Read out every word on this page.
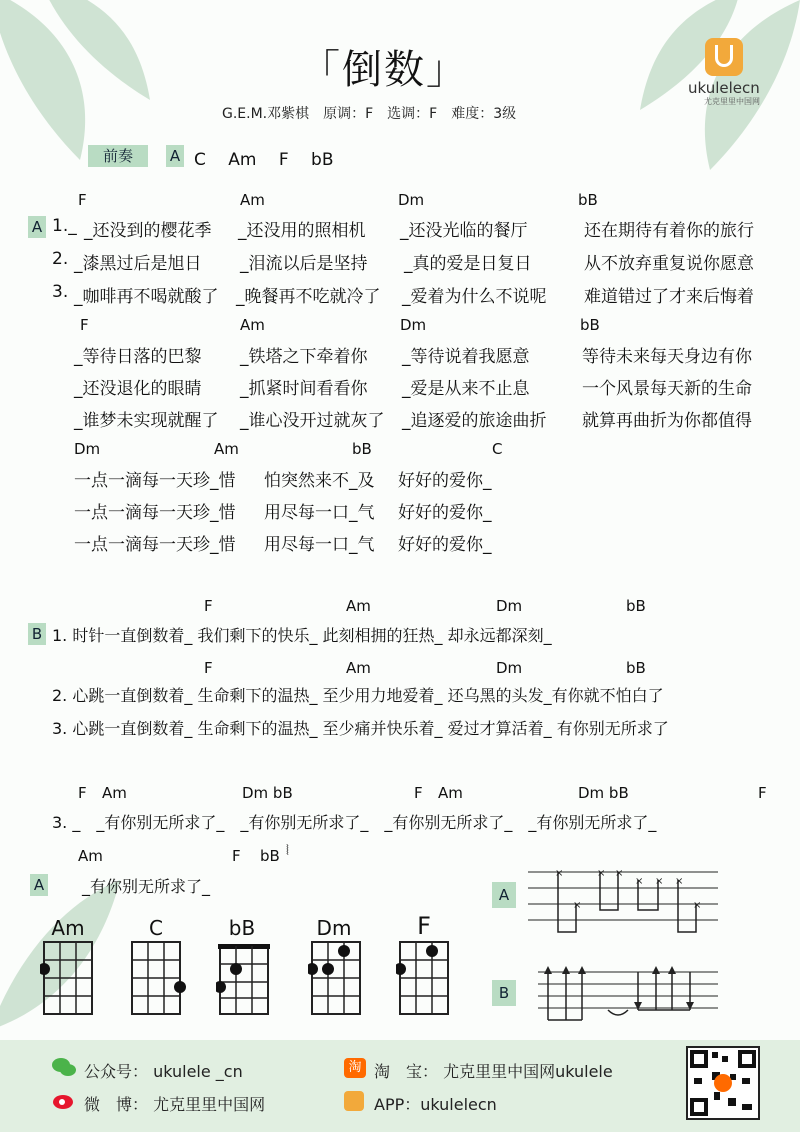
「倒数」
G.E.M.邓紫棋　原调：F　选调：F　难度：3级
ukulelecn
尤克里里中国网
前奏	A C　 Am　 F　 bB
A
F	Am	Dm	bB
1._ _还没到的樱花季 _还没用的照相机 _还没光临的餐厅	还在期待有着你的旅行
2. _漆黑过后是旭日 _泪流以后是坚持 _真的爱是日复日	从不放弃重复说你愿意
3. _咖啡再不喝就酸了 _晚餐再不吃就冷了 _爱着为什么不说呢 难道错过了才来后悔着
F	Am	Dm	bB
_等待日落的巴黎 _铁塔之下牵着你 _等待说着我愿意	等待未来每天身边有你
_还没退化的眼睛 _抓紧时间看看你 _爱是从来不止息	一个风景每天新的生命
_谁梦未实现就醒了 _谁心没开过就灰了 _追逐爱的旅途曲折 就算再曲折为你都值得
Dm	Am	bB	C
一点一滴每一天珍_惜 怕突然来不_及 好好的爱你_
一点一滴每一天珍_惜 用尽每一口_气 好好的爱你_
一点一滴每一天珍_惜 用尽每一口_气 好好的爱你_
B
F	Am	Dm	bB
1. 时针一直倒数着_ 我们剩下的快乐_ 此刻相拥的狂热_ 却永远都深刻_
F	Am	Dm	bB
2. 心跳一直倒数着_ 生命剩下的温热_ 至少用力地爱着_ 还乌黑的头发_有你就不怕白了
3. 心跳一直倒数着_ 生命剩下的温热_ 至少痛并快乐着_ 爱过才算活着_ 有你别无所求了
F Am	Dm bB	F Am	Dm bB	F
3. _　_有你别无所求了_　_有你别无所求了_　_有你别无所求了_　_有你别无所求了_
Am	F bB ⦚
A _有你别无所求了_
Am	C	bB	Dm	F
A
×
×
× ×
× × ×
×
B
公众号： ukulele _cn
微　博： 尤克里里中国网
淘 淘　宝： 尤克里里中国网ukulele
APP：ukulelecn
